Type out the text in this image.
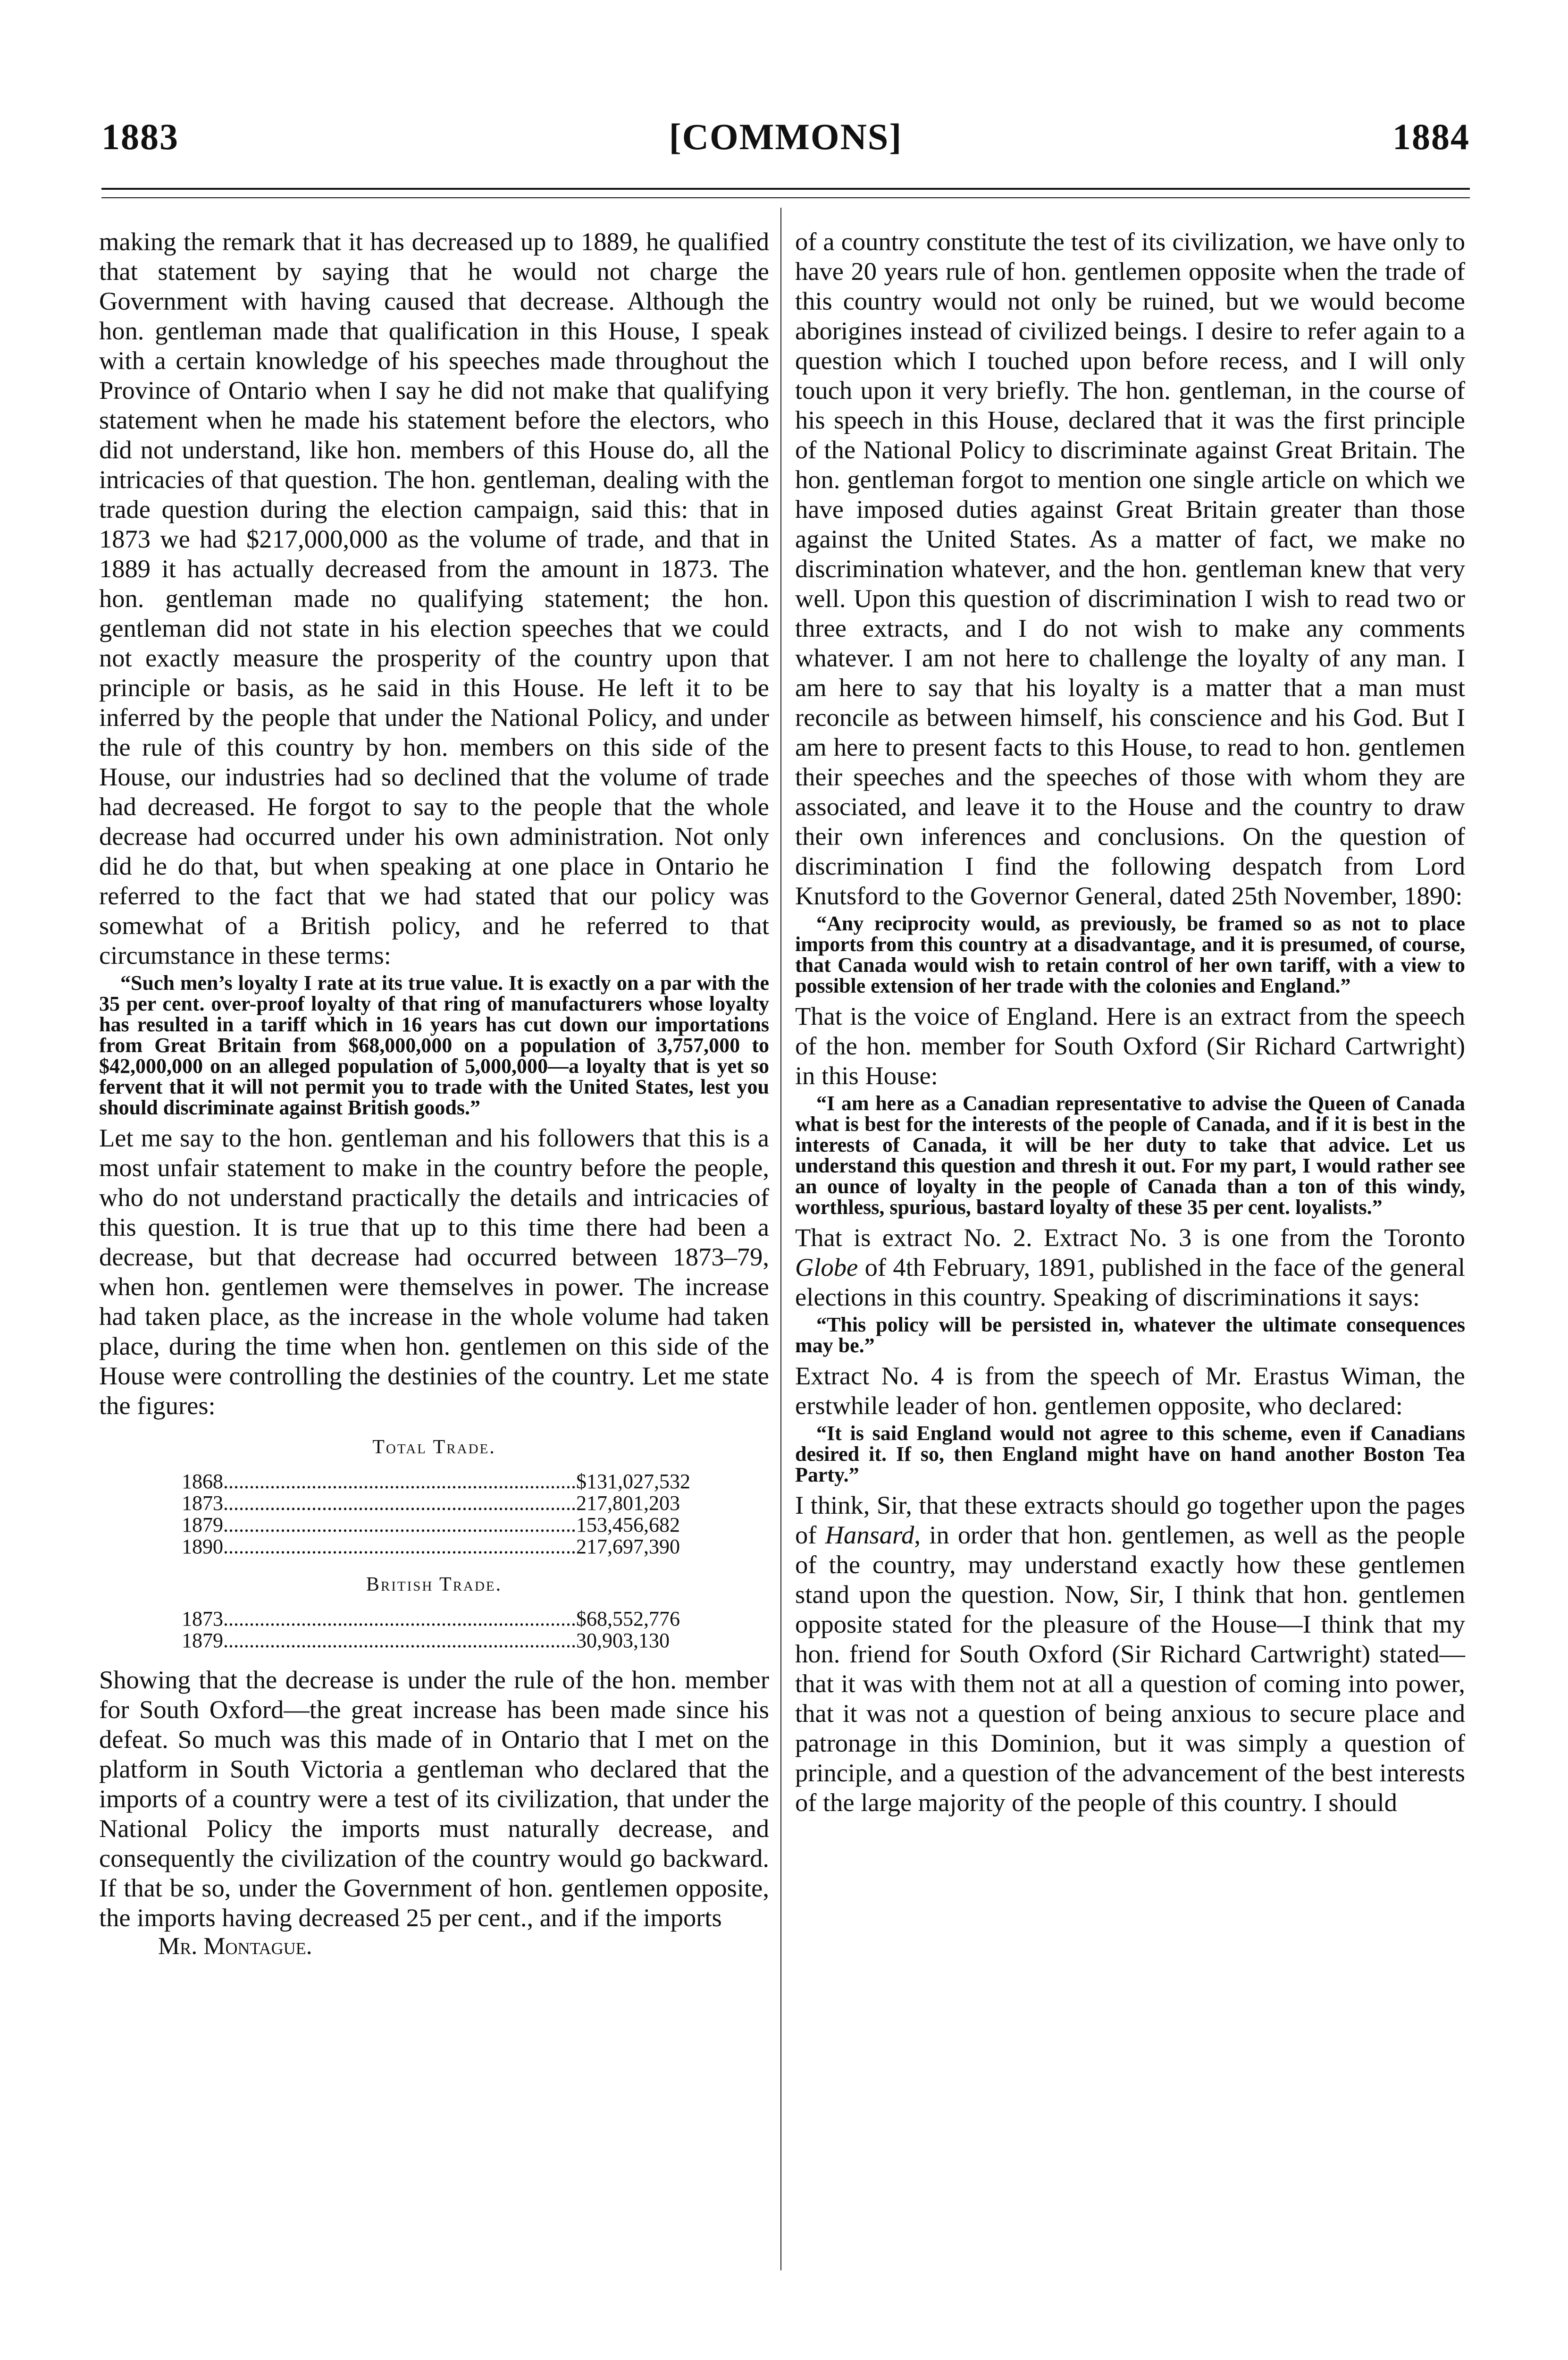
1883	[COMMONS]	1884

making the remark that it has decreased up to 1889, he qualified that statement by saying that he would not charge the Government with having caused that decrease. Although the hon. gentleman made that qualification in this House, I speak with a certain knowledge of his speeches made throughout the Province of Ontario when I say he did not make that qualifying statement when he made his statement before the electors, who did not understand, like hon. members of this House do, all the intricacies of that question. The hon. gentleman, dealing with the trade question during the election campaign, said this: that in 1873 we had $217,000,000 as the volume of trade, and that in 1889 it has actually decreased from the amount in 1873. The hon. gentleman made no qualifying statement; the hon. gentleman did not state in his election speeches that we could not exactly measure the prosperity of the country upon that principle or basis, as he said in this House. He left it to be inferred by the people that under the National Policy, and under the rule of this country by hon. members on this side of the House, our industries had so declined that the volume of trade had decreased. He forgot to say to the people that the whole decrease had occurred under his own administration. Not only did he do that, but when speaking at one place in Ontario he referred to the fact that we had stated that our policy was somewhat of a British policy, and he referred to that circumstance in these terms:

“Such men’s loyalty I rate at its true value. It is exactly on a par with the 35 per cent. over-proof loyalty of that ring of manufacturers whose loyalty has resulted in a tariff which in 16 years has cut down our importations from Great Britain from $68,000,000 on a population of 3,757,000 to $42,000,000 on an alleged population of 5,000,000—a loyalty that is yet so fervent that it will not permit you to trade with the United States, lest you should discriminate against British goods.”

Let me say to the hon. gentleman and his followers that this is a most unfair statement to make in the country before the people, who do not understand practically the details and intricacies of this question. It is true that up to this time there had been a decrease, but that decrease had occurred between 1873–79, when hon. gentlemen were themselves in power. The increase had taken place, as the increase in the whole volume had taken place, during the time when hon. gentlemen on this side of the House were controlling the destinies of the country. Let me state the figures:

Total Trade.
1868 .................................................................... $131,027,532
1873 .................................................................... 217,801,203
1879 .................................................................... 153,456,682
1890 .................................................................... 217,697,390
British Trade.
1873 .................................................................... $68,552,776
1879 .................................................................... 30,903,130

Showing that the decrease is under the rule of the hon. member for South Oxford—the great increase has been made since his defeat. So much was this made of in Ontario that I met on the platform in South Victoria a gentleman who declared that the imports of a country were a test of its civilization, that under the National Policy the imports must naturally decrease, and consequently the civilization of the country would go backward. If that be so, under the Government of hon. gentlemen opposite, the imports having decreased 25 per cent., and if the imports

Mr. Montague.

of a country constitute the test of its civilization, we have only to have 20 years rule of hon. gentlemen opposite when the trade of this country would not only be ruined, but we would become aborigines instead of civilized beings. I desire to refer again to a question which I touched upon before recess, and I will only touch upon it very briefly. The hon. gentleman, in the course of his speech in this House, declared that it was the first principle of the National Policy to discriminate against Great Britain. The hon. gentleman forgot to mention one single article on which we have imposed duties against Great Britain greater than those against the United States. As a matter of fact, we make no discrimination whatever, and the hon. gentleman knew that very well. Upon this question of discrimination I wish to read two or three extracts, and I do not wish to make any comments whatever. I am not here to challenge the loyalty of any man. I am here to say that his loyalty is a matter that a man must reconcile as between himself, his conscience and his God. But I am here to present facts to this House, to read to hon. gentlemen their speeches and the speeches of those with whom they are associated, and leave it to the House and the country to draw their own inferences and conclusions. On the question of discrimination I find the following despatch from Lord Knutsford to the Governor General, dated 25th November, 1890:

“Any reciprocity would, as previously, be framed so as not to place imports from this country at a disadvantage, and it is presumed, of course, that Canada would wish to retain control of her own tariff, with a view to possible extension of her trade with the colonies and England.”

That is the voice of England. Here is an extract from the speech of the hon. member for South Oxford (Sir Richard Cartwright) in this House:

“I am here as a Canadian representative to advise the Queen of Canada what is best for the interests of the people of Canada, and if it is best in the interests of Canada, it will be her duty to take that advice. Let us understand this question and thresh it out. For my part, I would rather see an ounce of loyalty in the people of Canada than a ton of this windy, worthless, spurious, bastard loyalty of these 35 per cent. loyalists.”

That is extract No. 2. Extract No. 3 is one from the Toronto Globe of 4th February, 1891, published in the face of the general elections in this country. Speaking of discriminations it says:

“This policy will be persisted in, whatever the ultimate consequences may be.”

Extract No. 4 is from the speech of Mr. Erastus Wiman, the erstwhile leader of hon. gentlemen opposite, who declared:

“It is said England would not agree to this scheme, even if Canadians desired it. If so, then England might have on hand another Boston Tea Party.”

I think, Sir, that these extracts should go together upon the pages of Hansard, in order that hon. gentlemen, as well as the people of the country, may understand exactly how these gentlemen stand upon the question. Now, Sir, I think that hon. gentlemen opposite stated for the pleasure of the House—I think that my hon. friend for South Oxford (Sir Richard Cartwright) stated—that it was with them not at all a question of coming into power, that it was not a question of being anxious to secure place and patronage in this Dominion, but it was simply a question of principle, and a question of the advancement of the best interests of the large majority of the people of this country. I should
